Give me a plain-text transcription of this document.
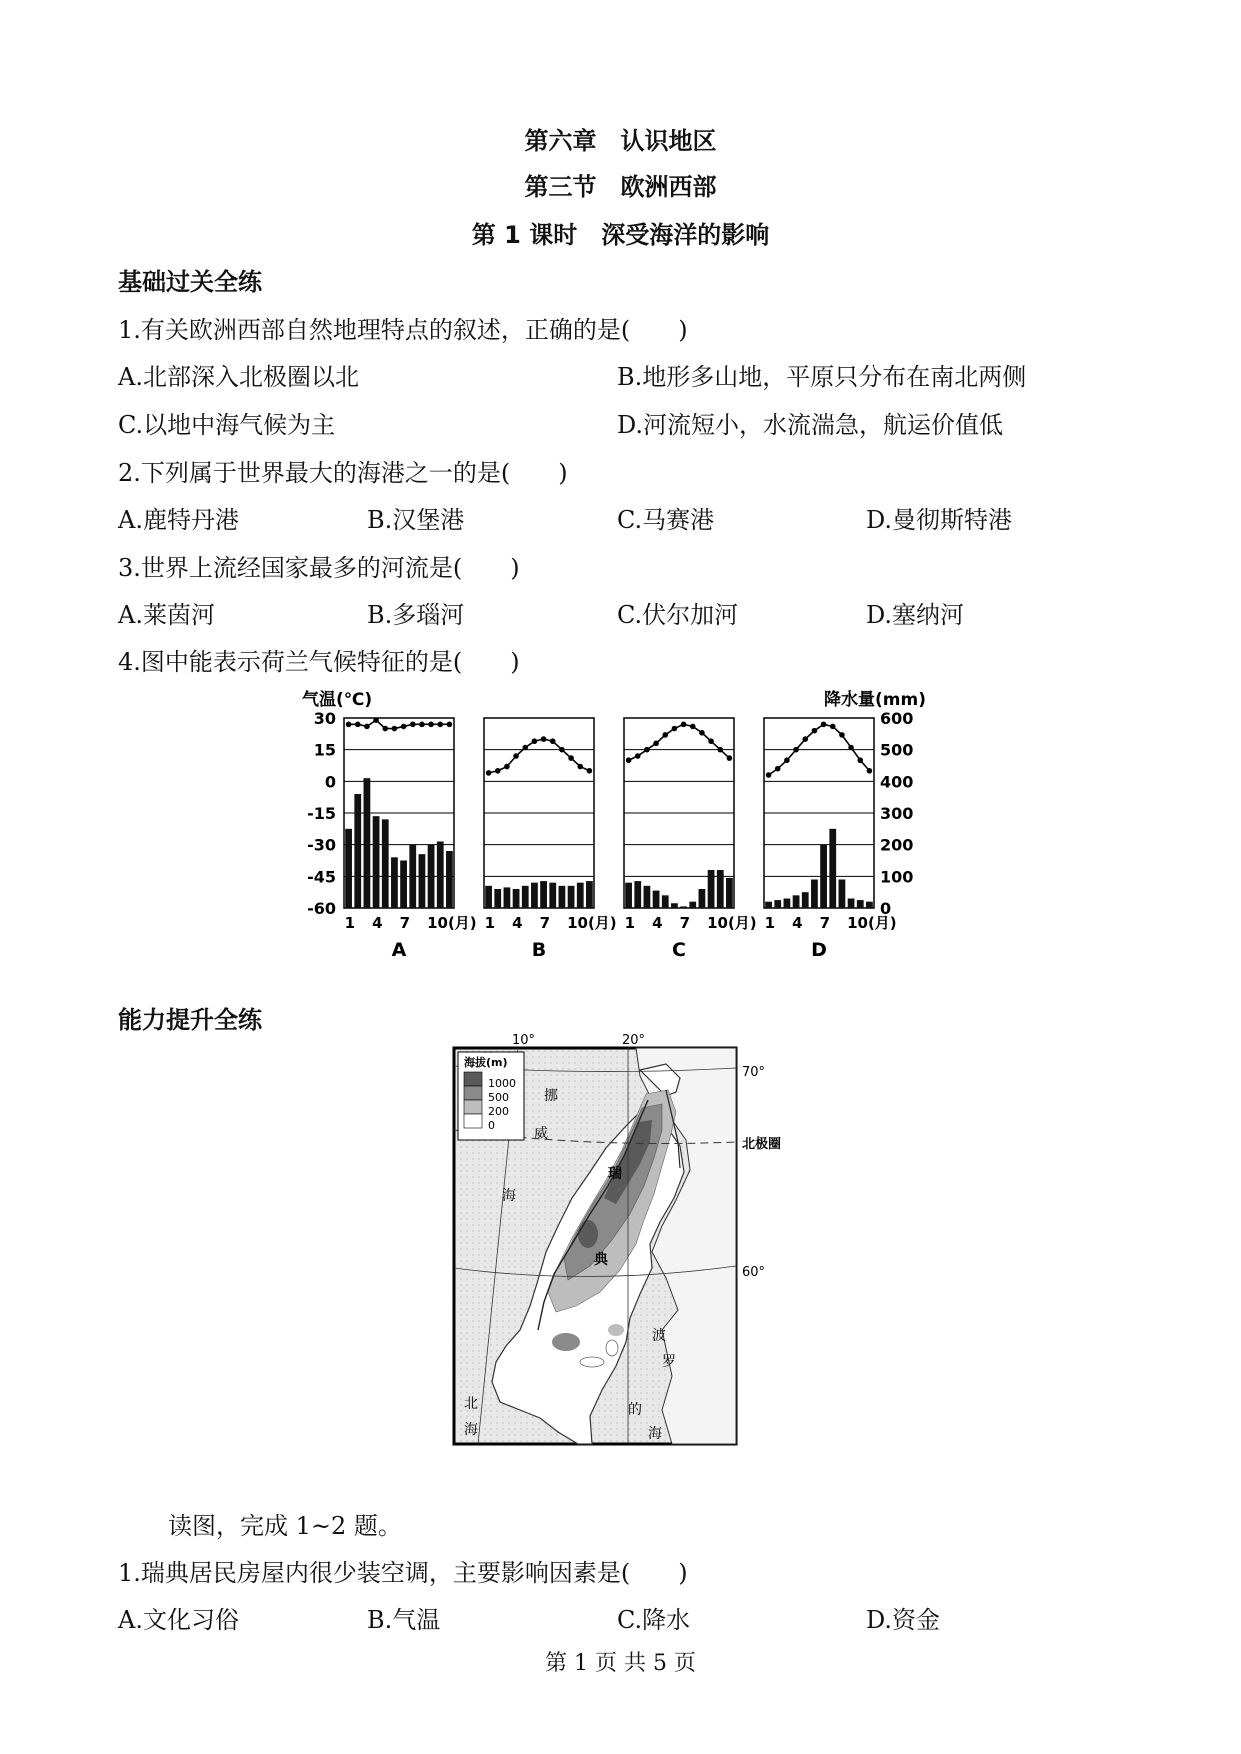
第六章　认识地区
第三节　欧洲西部
第 1 课时　深受海洋的影响
基础过关全练
1.有关欧洲西部自然地理特点的叙述，正确的是(　　)
A.北部深入北极圈以北	B.地形多山地，平原只分布在南北两侧
C.以地中海气候为主	D.河流短小，水流湍急，航运价值低
2.下列属于世界最大的海港之一的是(　　)
A.鹿特丹港	B.汉堡港	C.马赛港	D.曼彻斯特港
3.世界上流经国家最多的河流是(　　)
A.莱茵河	B.多瑙河	C.伏尔加河	D.塞纳河
4.图中能表示荷兰气候特征的是(　　)
气温(℃)	降水量(mm)
30
15
0
-15
-30
-45
-60
600
500
400
300
200
100
0
1 4 7 10(月)
A
1 4 7 10(月)
B
1 4 7 10(月)
C
1 4 7 10(月)
D
能力提升全练
海拔(m)
1000
500
200
0
10°	20°
70°
60°
北极圈
挪
威
海
瑞
典
波
罗
的
海
北
海
读图，完成 1~2 题。
1.瑞典居民房屋内很少装空调，主要影响因素是(　　)
A.文化习俗	B.气温	C.降水	D.资金
第 1 页 共 5 页
